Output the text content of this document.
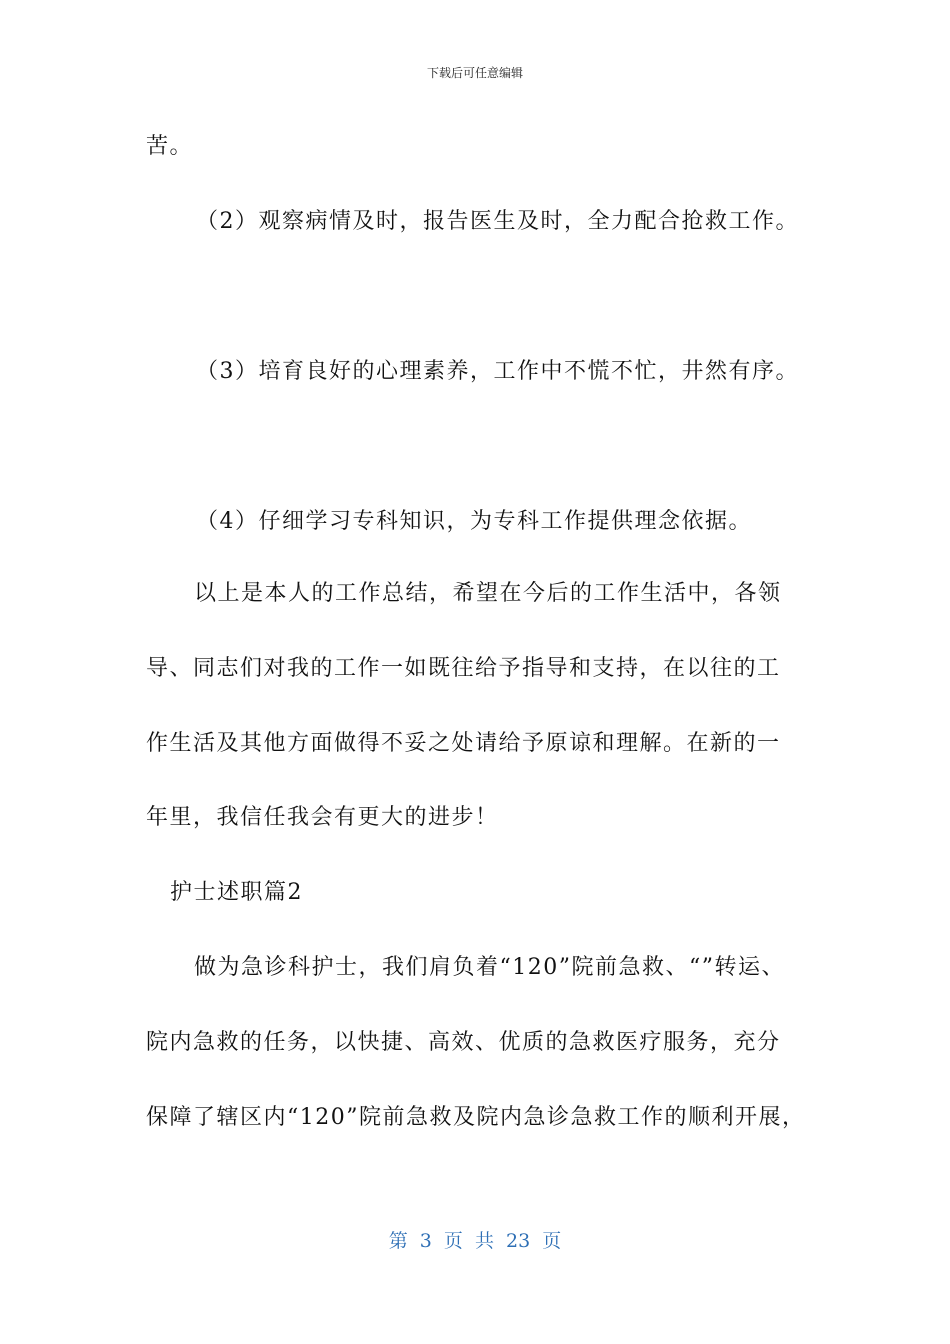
下载后可任意编辑
苦。
（2）观察病情及时，报告医生及时，全力配合抢救工作。
（3）培育良好的心理素养，工作中不慌不忙，井然有序。
（4）仔细学习专科知识，为专科工作提供理念依据。
以上是本人的工作总结，希望在今后的工作生活中，各领
导、同志们对我的工作一如既往给予指导和支持，在以往的工
作生活及其他方面做得不妥之处请给予原谅和理解。在新的一
年里，我信任我会有更大的进步！
护士述职篇2
做为急诊科护士，我们肩负着“120”院前急救、“”转运、
院内急救的任务，以快捷、高效、优质的急救医疗服务，充分
保障了辖区内“120”院前急救及院内急诊急救工作的顺利开展，
第 3 页 共 23 页
